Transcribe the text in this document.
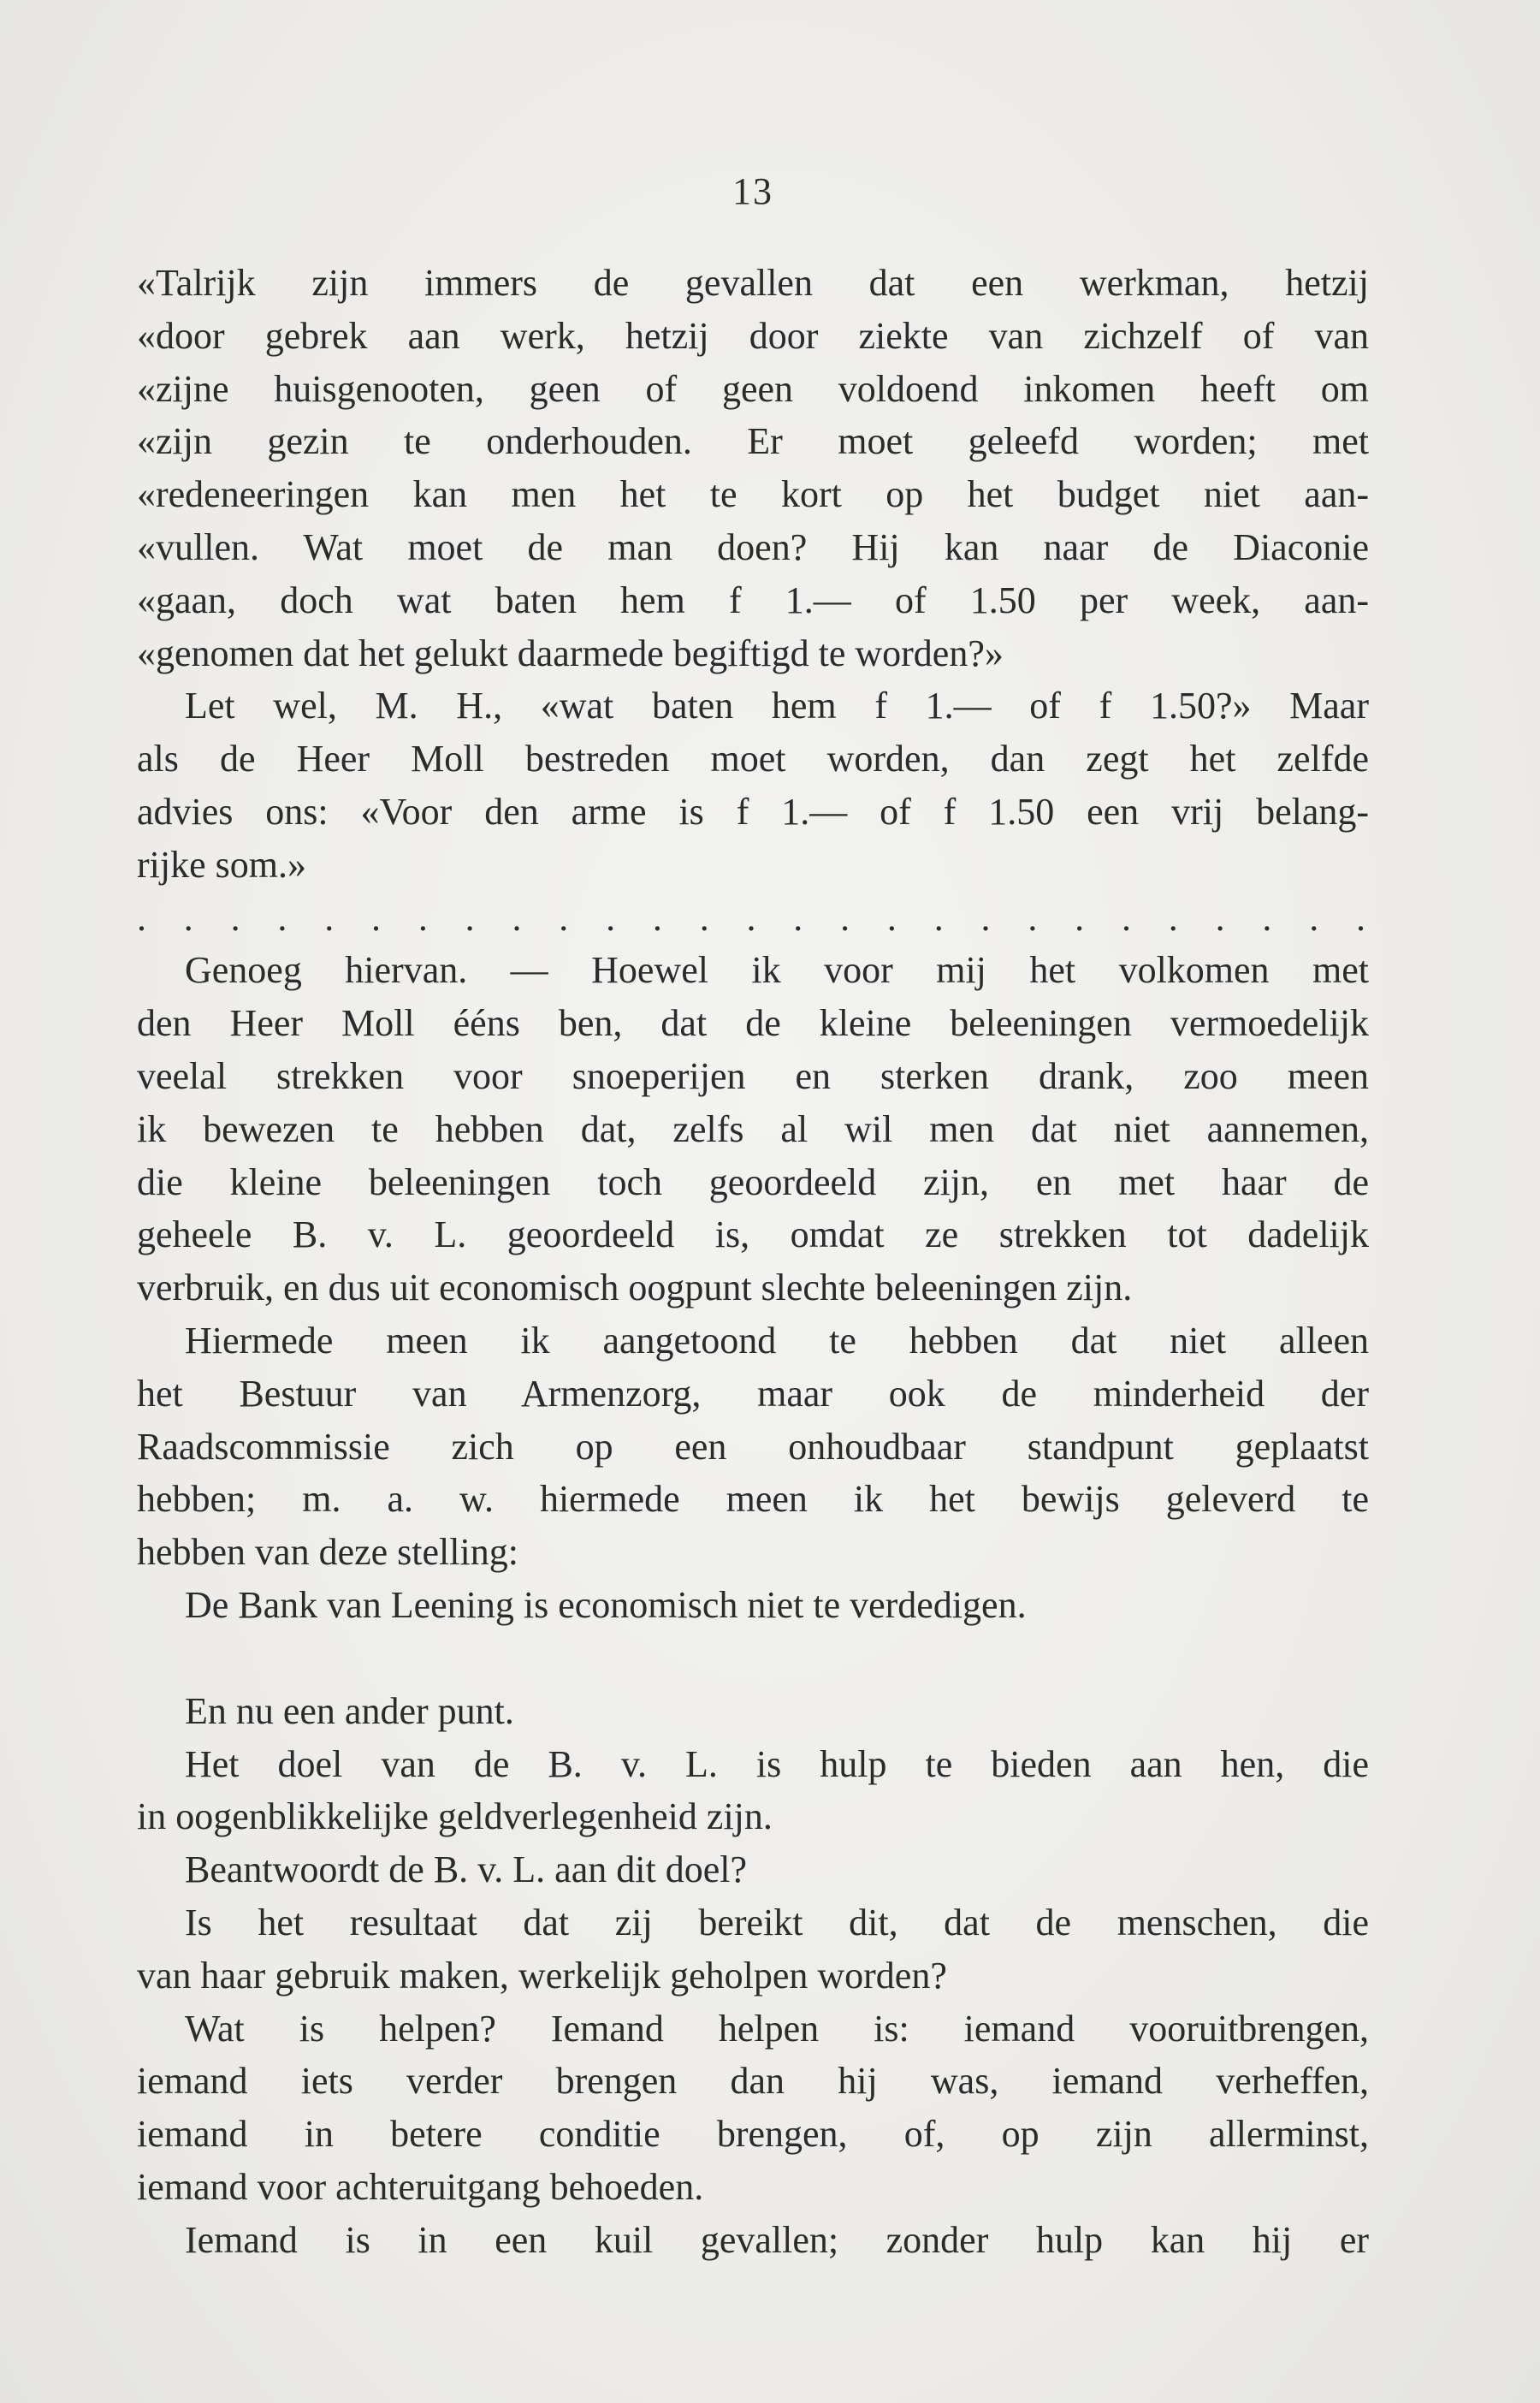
13
«Talrijk zijn immers de gevallen dat een werkman, hetzij
«door gebrek aan werk, hetzij door ziekte van zichzelf of van
«zijne huisgenooten, geen of geen voldoend inkomen heeft om
«zijn gezin te onderhouden. Er moet geleefd worden; met
«redeneeringen kan men het te kort op het budget niet aan-
«vullen. Wat moet de man doen? Hij kan naar de Diaconie
«gaan, doch wat baten hem f 1.— of 1.50 per week, aan-
«genomen dat het gelukt daarmede begiftigd te worden?»
Let wel, M. H., «wat baten hem f 1.— of f 1.50?» Maar
als de Heer Moll bestreden moet worden, dan zegt het zelfde
advies ons: «Voor den arme is f 1.— of f 1.50 een vrij belang-
rijke som.»
. . . . . . . . . . . . . . . . . . . . . . . . . . .
Genoeg hiervan. — Hoewel ik voor mij het volkomen met
den Heer Moll ééns ben, dat de kleine beleeningen vermoedelijk
veelal strekken voor snoeperijen en sterken drank, zoo meen
ik bewezen te hebben dat, zelfs al wil men dat niet aannemen,
die kleine beleeningen toch geoordeeld zijn, en met haar de
geheele B. v. L. geoordeeld is, omdat ze strekken tot dadelijk
verbruik, en dus uit economisch oogpunt slechte beleeningen zijn.
Hiermede meen ik aangetoond te hebben dat niet alleen
het Bestuur van Armenzorg, maar ook de minderheid der
Raadscommissie zich op een onhoudbaar standpunt geplaatst
hebben; m. a. w. hiermede meen ik het bewijs geleverd te
hebben van deze stelling:
De Bank van Leening is economisch niet te verdedigen.
En nu een ander punt.
Het doel van de B. v. L. is hulp te bieden aan hen, die
in oogenblikkelijke geldverlegenheid zijn.
Beantwoordt de B. v. L. aan dit doel?
Is het resultaat dat zij bereikt dit, dat de menschen, die
van haar gebruik maken, werkelijk geholpen worden?
Wat is helpen? Iemand helpen is: iemand vooruitbrengen,
iemand iets verder brengen dan hij was, iemand verheffen,
iemand in betere conditie brengen, of, op zijn allerminst,
iemand voor achteruitgang behoeden.
Iemand is in een kuil gevallen; zonder hulp kan hij er
